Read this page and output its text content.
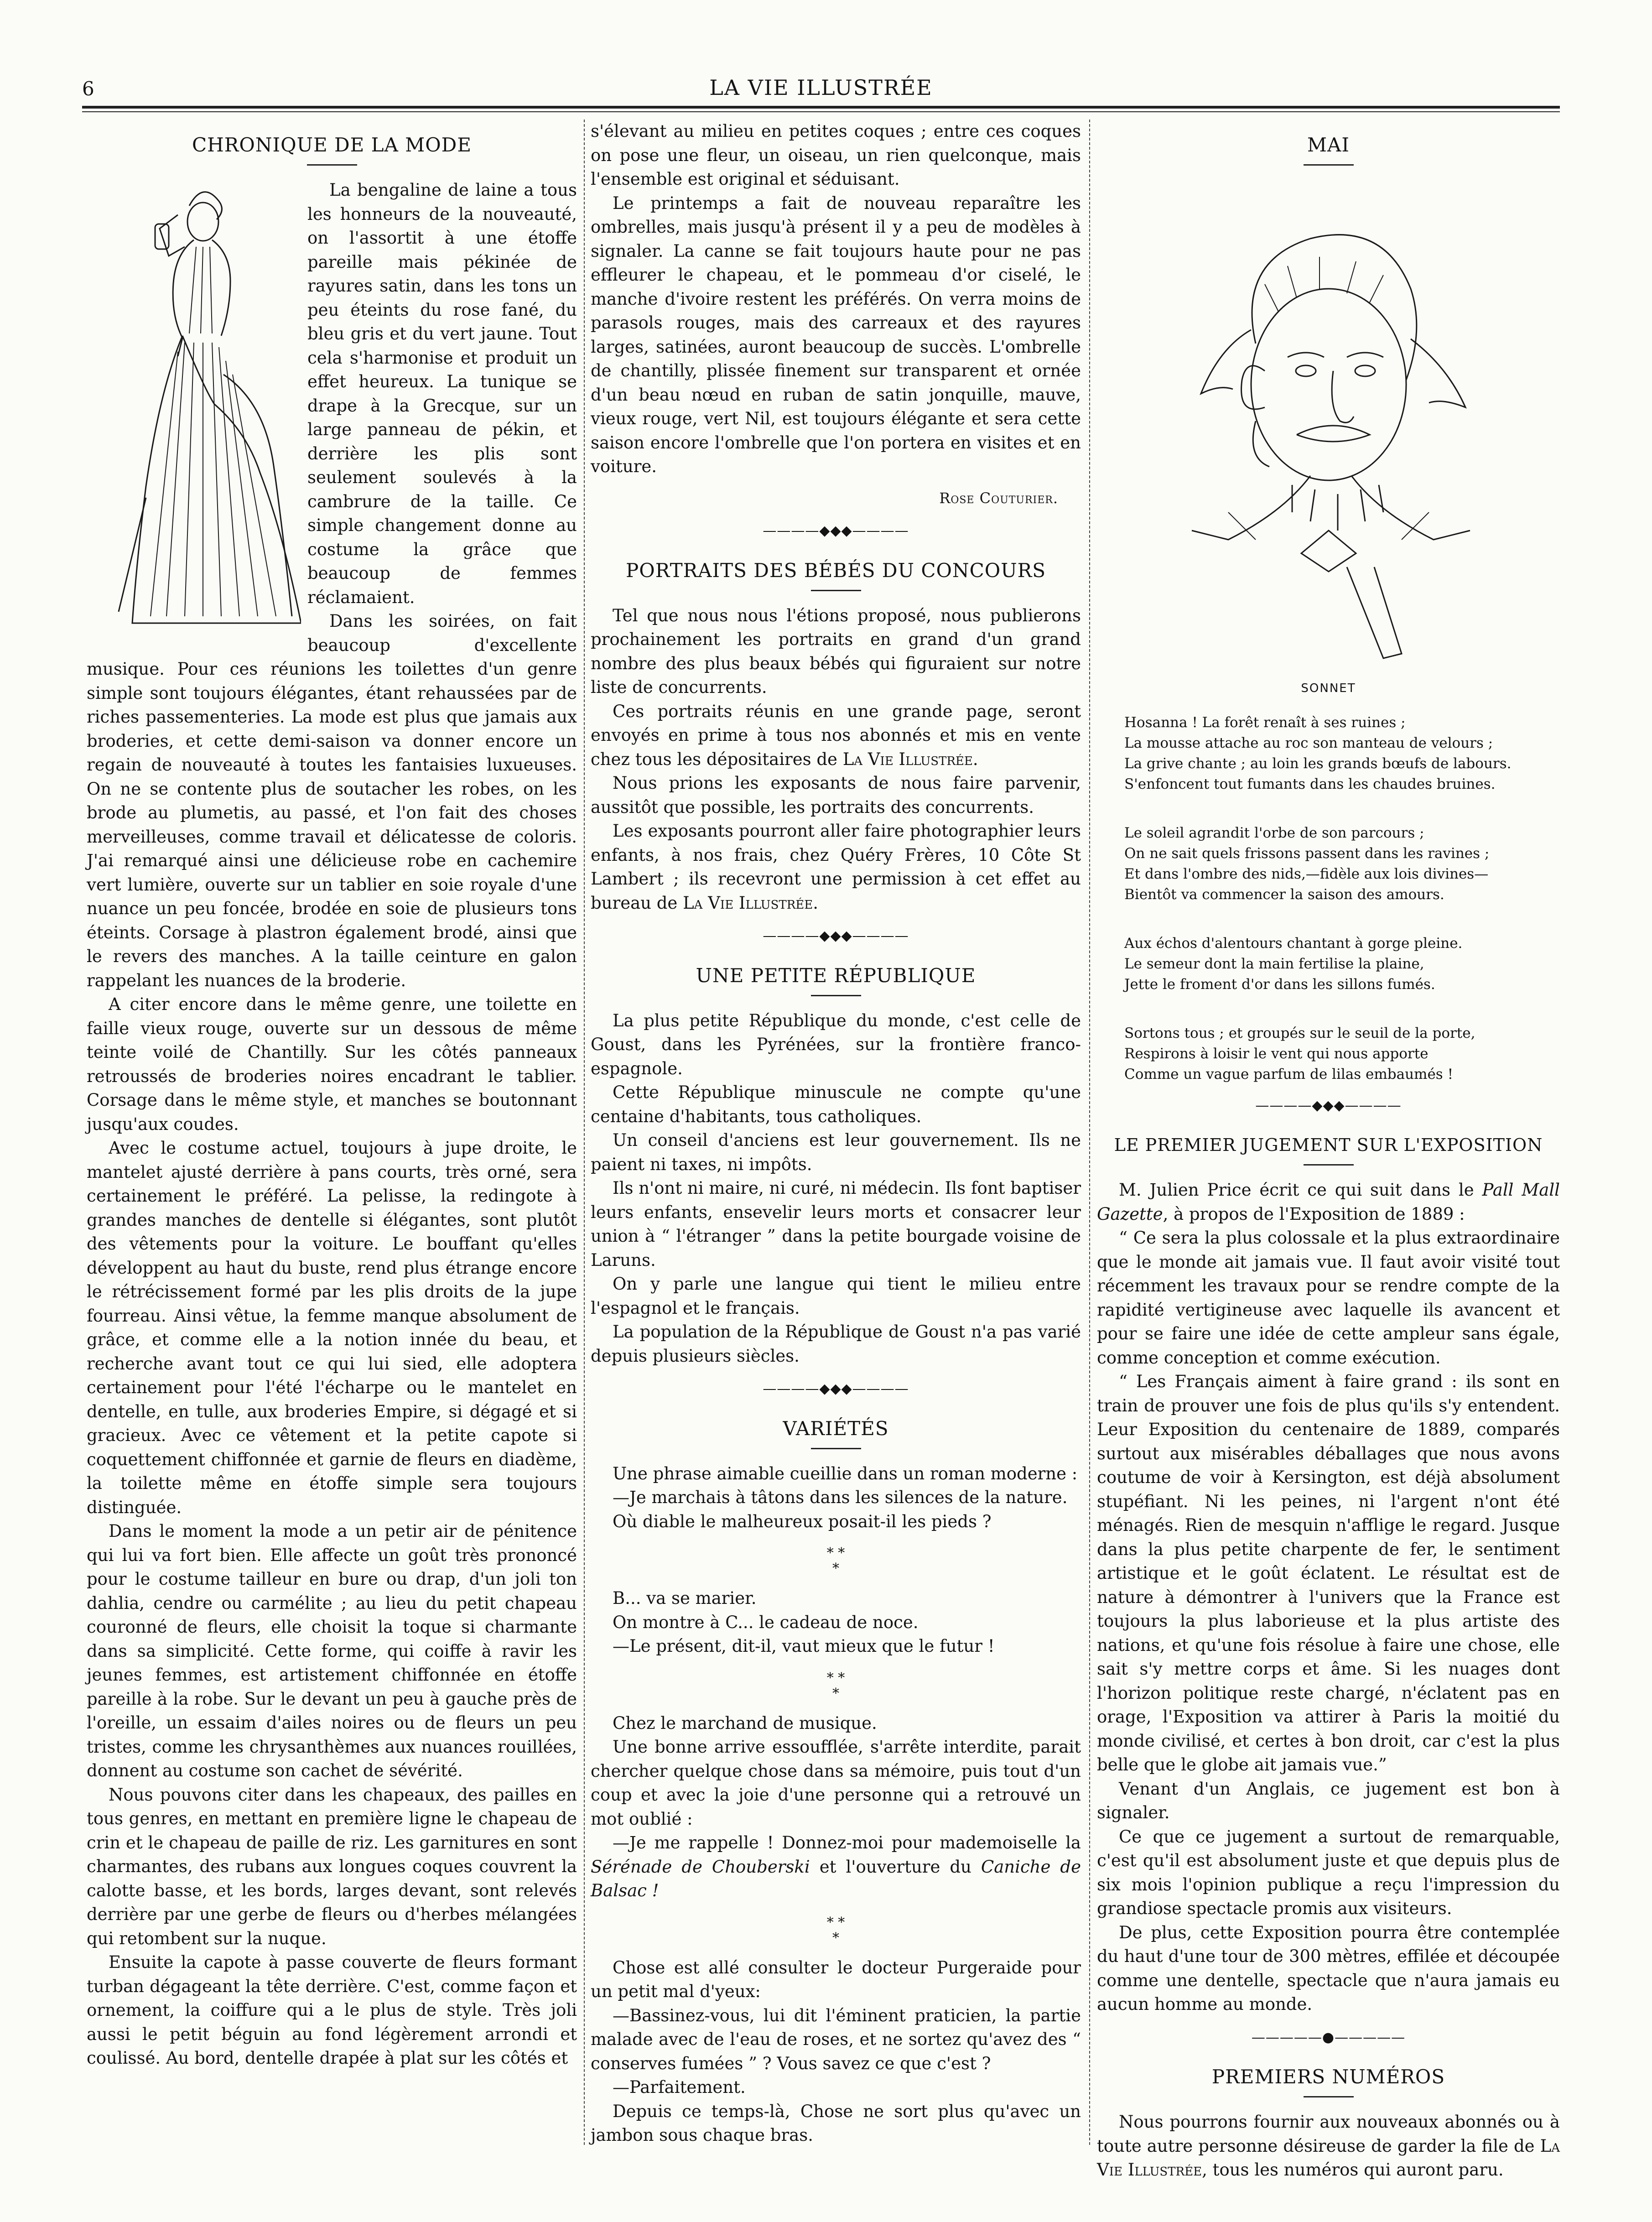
6	LA VIE ILLUSTRÉE
CHRONIQUE DE LA MODE

La bengaline de laine a tous les honneurs de la nouveauté, on l'assortit à une étoffe pareille mais pékinée de rayures satin, dans les tons un peu éteints du rose fané, du bleu gris et du vert jaune. Tout cela s'harmonise et produit un effet heureux. La tunique se drape à la Grecque, sur un large panneau de pékin, et derrière les plis sont seulement soulevés à la cambrure de la taille. Ce simple changement donne au costume la grâce que beaucoup de femmes réclamaient.

Dans les soirées, on fait beaucoup d'excellente musique. Pour ces réunions les toilettes d'un genre simple sont toujours élégantes, étant rehaussées par de riches passementeries. La mode est plus que jamais aux broderies, et cette demi-saison va donner encore un regain de nouveauté à toutes les fantaisies luxueuses. On ne se contente plus de soutacher les robes, on les brode au plumetis, au passé, et l'on fait des choses merveilleuses, comme travail et délicatesse de coloris. J'ai remarqué ainsi une délicieuse robe en cachemire vert lumière, ouverte sur un tablier en soie royale d'une nuance un peu foncée, brodée en soie de plusieurs tons éteints. Corsage à plastron également brodé, ainsi que le revers des manches. A la taille ceinture en galon rappelant les nuances de la broderie.

A citer encore dans le même genre, une toilette en faille vieux rouge, ouverte sur un dessous de même teinte voilé de Chantilly. Sur les côtés panneaux retroussés de broderies noires encadrant le tablier. Corsage dans le même style, et manches se boutonnant jusqu'aux coudes.

Avec le costume actuel, toujours à jupe droite, le mantelet ajusté derrière à pans courts, très orné, sera certainement le préféré. La pelisse, la redingote à grandes manches de dentelle si élégantes, sont plutôt des vêtements pour la voiture. Le bouffant qu'elles développent au haut du buste, rend plus étrange encore le rétrécissement formé par les plis droits de la jupe fourreau. Ainsi vêtue, la femme manque absolument de grâce, et comme elle a la notion innée du beau, et recherche avant tout ce qui lui sied, elle adoptera certainement pour l'été l'écharpe ou le mantelet en dentelle, en tulle, aux broderies Empire, si dégagé et si gracieux. Avec ce vêtement et la petite capote si coquettement chiffonnée et garnie de fleurs en diadème, la toilette même en étoffe simple sera toujours distinguée.

Dans le moment la mode a un petir air de pénitence qui lui va fort bien. Elle affecte un goût très prononcé pour le costume tailleur en bure ou drap, d'un joli ton dahlia, cendre ou carmélite ; au lieu du petit chapeau couronné de fleurs, elle choisit la toque si charmante dans sa simplicité. Cette forme, qui coiffe à ravir les jeunes femmes, est artistement chiffonnée en étoffe pareille à la robe. Sur le devant un peu à gauche près de l'oreille, un essaim d'ailes noires ou de fleurs un peu tristes, comme les chrysanthèmes aux nuances rouillées, donnent au costume son cachet de sévérité.

Nous pouvons citer dans les chapeaux, des pailles en tous genres, en mettant en première ligne le chapeau de crin et le chapeau de paille de riz. Les garnitures en sont charmantes, des rubans aux longues coques couvrent la calotte basse, et les bords, larges devant, sont relevés derrière par une gerbe de fleurs ou d'herbes mélangées qui retombent sur la nuque.

Ensuite la capote à passe couverte de fleurs formant turban dégageant la tête derrière. C'est, comme façon et ornement, la coiffure qui a le plus de style. Très joli aussi le petit béguin au fond légèrement arrondi et coulissé. Au bord, dentelle drapée à plat sur les côtés et

s'élevant au milieu en petites coques ; entre ces coques on pose une fleur, un oiseau, un rien quelconque, mais l'ensemble est original et séduisant.

Le printemps a fait de nouveau reparaître les ombrelles, mais jusqu'à présent il y a peu de modèles à signaler. La canne se fait toujours haute pour ne pas effleurer le chapeau, et le pommeau d'or ciselé, le manche d'ivoire restent les préférés. On verra moins de parasols rouges, mais des carreaux et des rayures larges, satinées, auront beaucoup de succès. L'ombrelle de chantilly, plissée finement sur transparent et ornée d'un beau nœud en ruban de satin jonquille, mauve, vieux rouge, vert Nil, est toujours élégante et sera cette saison encore l'ombrelle que l'on portera en visites et en voiture.

Rose Couturier.
————◆◆◆————
PORTRAITS DES BÉBÉS DU CONCOURS

Tel que nous nous l'étions proposé, nous publierons prochainement les portraits en grand d'un grand nombre des plus beaux bébés qui figuraient sur notre liste de concurrents.

Ces portraits réunis en une grande page, seront envoyés en prime à tous nos abonnés et mis en vente chez tous les dépositaires de La Vie Illustrée.

Nous prions les exposants de nous faire parvenir, aussitôt que possible, les portraits des concurrents.

Les exposants pourront aller faire photographier leurs enfants, à nos frais, chez Quéry Frères, 10 Côte St Lambert ; ils recevront une permission à cet effet au bureau de La Vie Illustrée.

————◆◆◆————
UNE PETITE RÉPUBLIQUE

La plus petite République du monde, c'est celle de Goust, dans les Pyrénées, sur la frontière franco-espagnole.

Cette République minuscule ne compte qu'une centaine d'habitants, tous catholiques.

Un conseil d'anciens est leur gouvernement. Ils ne paient ni taxes, ni impôts.

Ils n'ont ni maire, ni curé, ni médecin. Ils font baptiser leurs enfants, ensevelir leurs morts et consacrer leur union à “ l'étranger ” dans la petite bourgade voisine de Laruns.

On y parle une langue qui tient le milieu entre l'espagnol et le français.

La population de la République de Goust n'a pas varié depuis plusieurs siècles.

————◆◆◆————
VARIÉTÉS

Une phrase aimable cueillie dans un roman moderne :

—Je marchais à tâtons dans les silences de la nature.

Où diable le malheureux posait-il les pieds ?

* *
*

B... va se marier.

On montre à C... le cadeau de noce.

—Le présent, dit-il, vaut mieux que le futur !

* *
*

Chez le marchand de musique.

Une bonne arrive essoufflée, s'arrête interdite, parait chercher quelque chose dans sa mémoire, puis tout d'un coup et avec la joie d'une personne qui a retrouvé un mot oublié :

—Je me rappelle ! Donnez-moi pour mademoiselle la Sérénade de Chouberski et l'ouverture du Caniche de Balsac !

* *
*

Chose est allé consulter le docteur Purgeraide pour un petit mal d'yeux:

—Bassinez-vous, lui dit l'éminent praticien, la partie malade avec de l'eau de roses, et ne sortez qu'avez des “ conserves fumées ” ? Vous savez ce que c'est ?

—Parfaitement.

Depuis ce temps-là, Chose ne sort plus qu'avec un jambon sous chaque bras.

MAI
SONNET
Hosanna ! La forêt renaît à ses ruines ;
La mousse attache au roc son manteau de velours ;
La grive chante ; au loin les grands bœufs de labours.
S'enfoncent tout fumants dans les chaudes bruines.
Le soleil agrandit l'orbe de son parcours ;
On ne sait quels frissons passent dans les ravines ;
Et dans l'ombre des nids,—fidèle aux lois divines—
Bientôt va commencer la saison des amours.
Aux échos d'alentours chantant à gorge pleine.
Le semeur dont la main fertilise la plaine,
Jette le froment d'or dans les sillons fumés.
Sortons tous ; et groupés sur le seuil de la porte,
Respirons à loisir le vent qui nous apporte
Comme un vague parfum de lilas embaumés !
————◆◆◆————
LE PREMIER JUGEMENT SUR L'EXPOSITION

M. Julien Price écrit ce qui suit dans le Pall Mall Gazette, à propos de l'Exposition de 1889 :

“ Ce sera la plus colossale et la plus extraordinaire que le monde ait jamais vue. Il faut avoir visité tout récemment les travaux pour se rendre compte de la rapidité vertigineuse avec laquelle ils avancent et pour se faire une idée de cette ampleur sans égale, comme conception et comme exécution.

“ Les Français aiment à faire grand : ils sont en train de prouver une fois de plus qu'ils s'y entendent. Leur Exposition du centenaire de 1889, comparés surtout aux misérables déballages que nous avons coutume de voir à Kersington, est déjà absolument stupéfiant. Ni les peines, ni l'argent n'ont été ménagés. Rien de mesquin n'afflige le regard. Jusque dans la plus petite charpente de fer, le sentiment artistique et le goût éclatent. Le résultat est de nature à démontrer à l'univers que la France est toujours la plus laborieuse et la plus artiste des nations, et qu'une fois résolue à faire une chose, elle sait s'y mettre corps et âme. Si les nuages dont l'horizon politique reste chargé, n'éclatent pas en orage, l'Exposition va attirer à Paris la moitié du monde civilisé, et certes à bon droit, car c'est la plus belle que le globe ait jamais vue.”

Venant d'un Anglais, ce jugement est bon à signaler.

Ce que ce jugement a surtout de remarquable, c'est qu'il est absolument juste et que depuis plus de six mois l'opinion publique a reçu l'impression du grandiose spectacle promis aux visiteurs.

De plus, cette Exposition pourra être contemplée du haut d'une tour de 300 mètres, effilée et découpée comme une dentelle, spectacle que n'aura jamais eu aucun homme au monde.

—————●—————
PREMIERS NUMÉROS

Nous pourrons fournir aux nouveaux abonnés ou à toute autre personne désireuse de garder la file de La Vie Illustrée, tous les numéros qui auront paru.
